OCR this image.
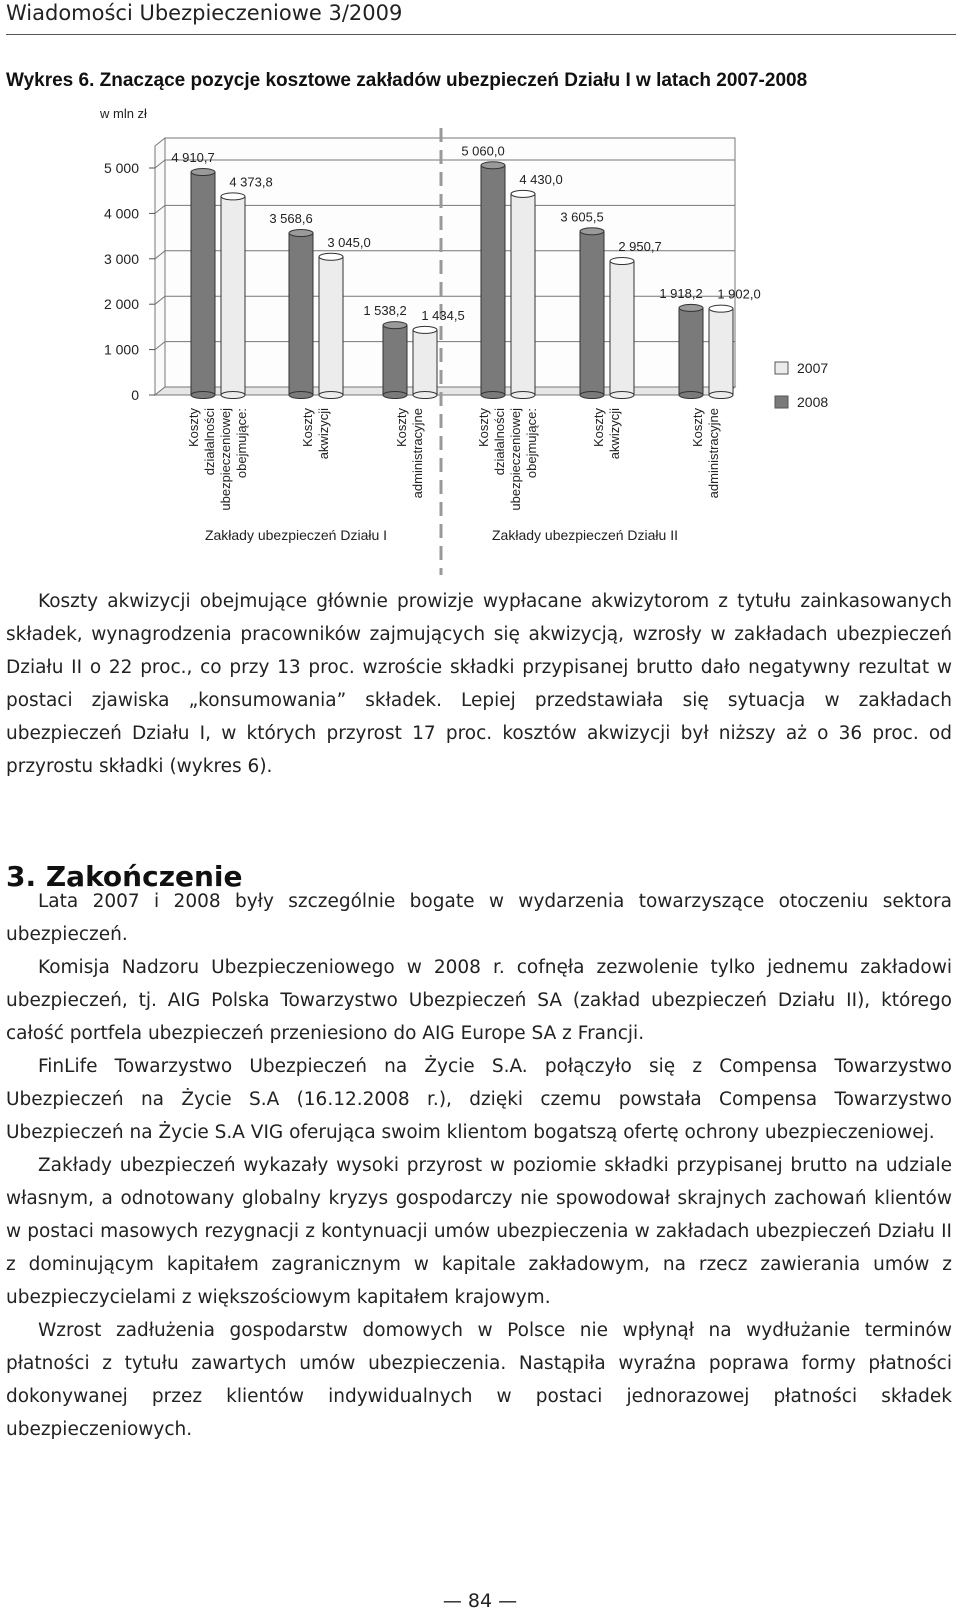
Wiadomości Ubezpieczeniowe 3/2009
Wykres 6. Znaczące pozycje kosztowe zakładów ubezpieczeń Działu I w latach 2007-2008
w mln zł
5 000
4 000
3 000
2 000
1 000
0
4 910,7
4 373,8
3 568,6
3 045,0
1 538,2 1 434,5
5 060,0
4 430,0
3 605,5
2 950,7
1 918,2 1 902,0
Koszty działalności ubezpieczeniowej obejmujące:	Koszty akwizycji	Koszty administracyjne	Koszty działalności ubezpieczeniowej obejmujące:	Koszty akwizycji	Koszty administracyjne
Zakłady ubezpieczeń Działu I	Zakłady ubezpieczeń Działu II
2007
2008

Koszty akwizycji obejmujące głównie prowizje wypłacane akwizytorom z tytułu zainkasowanych składek, wynagrodzenia pracowników zajmujących się akwizycją, wzrosły w zakładach ubezpieczeń Działu II o 22 proc., co przy 13 proc. wzroście składki przypisanej brutto dało negatywny rezultat w postaci zjawiska „konsumowania” składek. Lepiej przedstawiała się sytuacja w zakładach ubezpieczeń Działu I, w których przyrost 17 proc. kosztów akwizycji był niższy aż o 36 proc. od przyrostu składki (wykres 6).

3. Zakończenie

Lata 2007 i 2008 były szczególnie bogate w wydarzenia towarzyszące otoczeniu sektora ubezpieczeń.

Komisja Nadzoru Ubezpieczeniowego w 2008 r. cofnęła zezwolenie tylko jednemu zakładowi ubezpieczeń, tj. AIG Polska Towarzystwo Ubezpieczeń SA (zakład ubezpieczeń Działu II), którego całość portfela ubezpieczeń przeniesiono do AIG Europe SA z Francji.

FinLife Towarzystwo Ubezpieczeń na Życie S.A. połączyło się z Compensa Towarzystwo Ubezpieczeń na Życie S.A (16.12.2008 r.), dzięki czemu powstała Compensa Towarzystwo Ubezpieczeń na Życie S.A VIG oferująca swoim klientom bogatszą ofertę ochrony ubezpieczeniowej.

Zakłady ubezpieczeń wykazały wysoki przyrost w poziomie składki przypisanej brutto na udziale własnym, a odnotowany globalny kryzys gospodarczy nie spowodował skrajnych zachowań klientów w postaci masowych rezygnacji z kontynuacji umów ubezpieczenia w zakładach ubezpieczeń Działu II z dominującym kapitałem zagranicznym w kapitale zakładowym, na rzecz zawierania umów z ubezpieczycielami z większościowym kapitałem krajowym.

Wzrost zadłużenia gospodarstw domowych w Polsce nie wpłynął na wydłużanie terminów płatności z tytułu zawartych umów ubezpieczenia. Nastąpiła wyraźna poprawa formy płatności dokonywanej przez klientów indywidualnych w postaci jednorazowej płatności składek ubezpieczeniowych.

— 84 —
